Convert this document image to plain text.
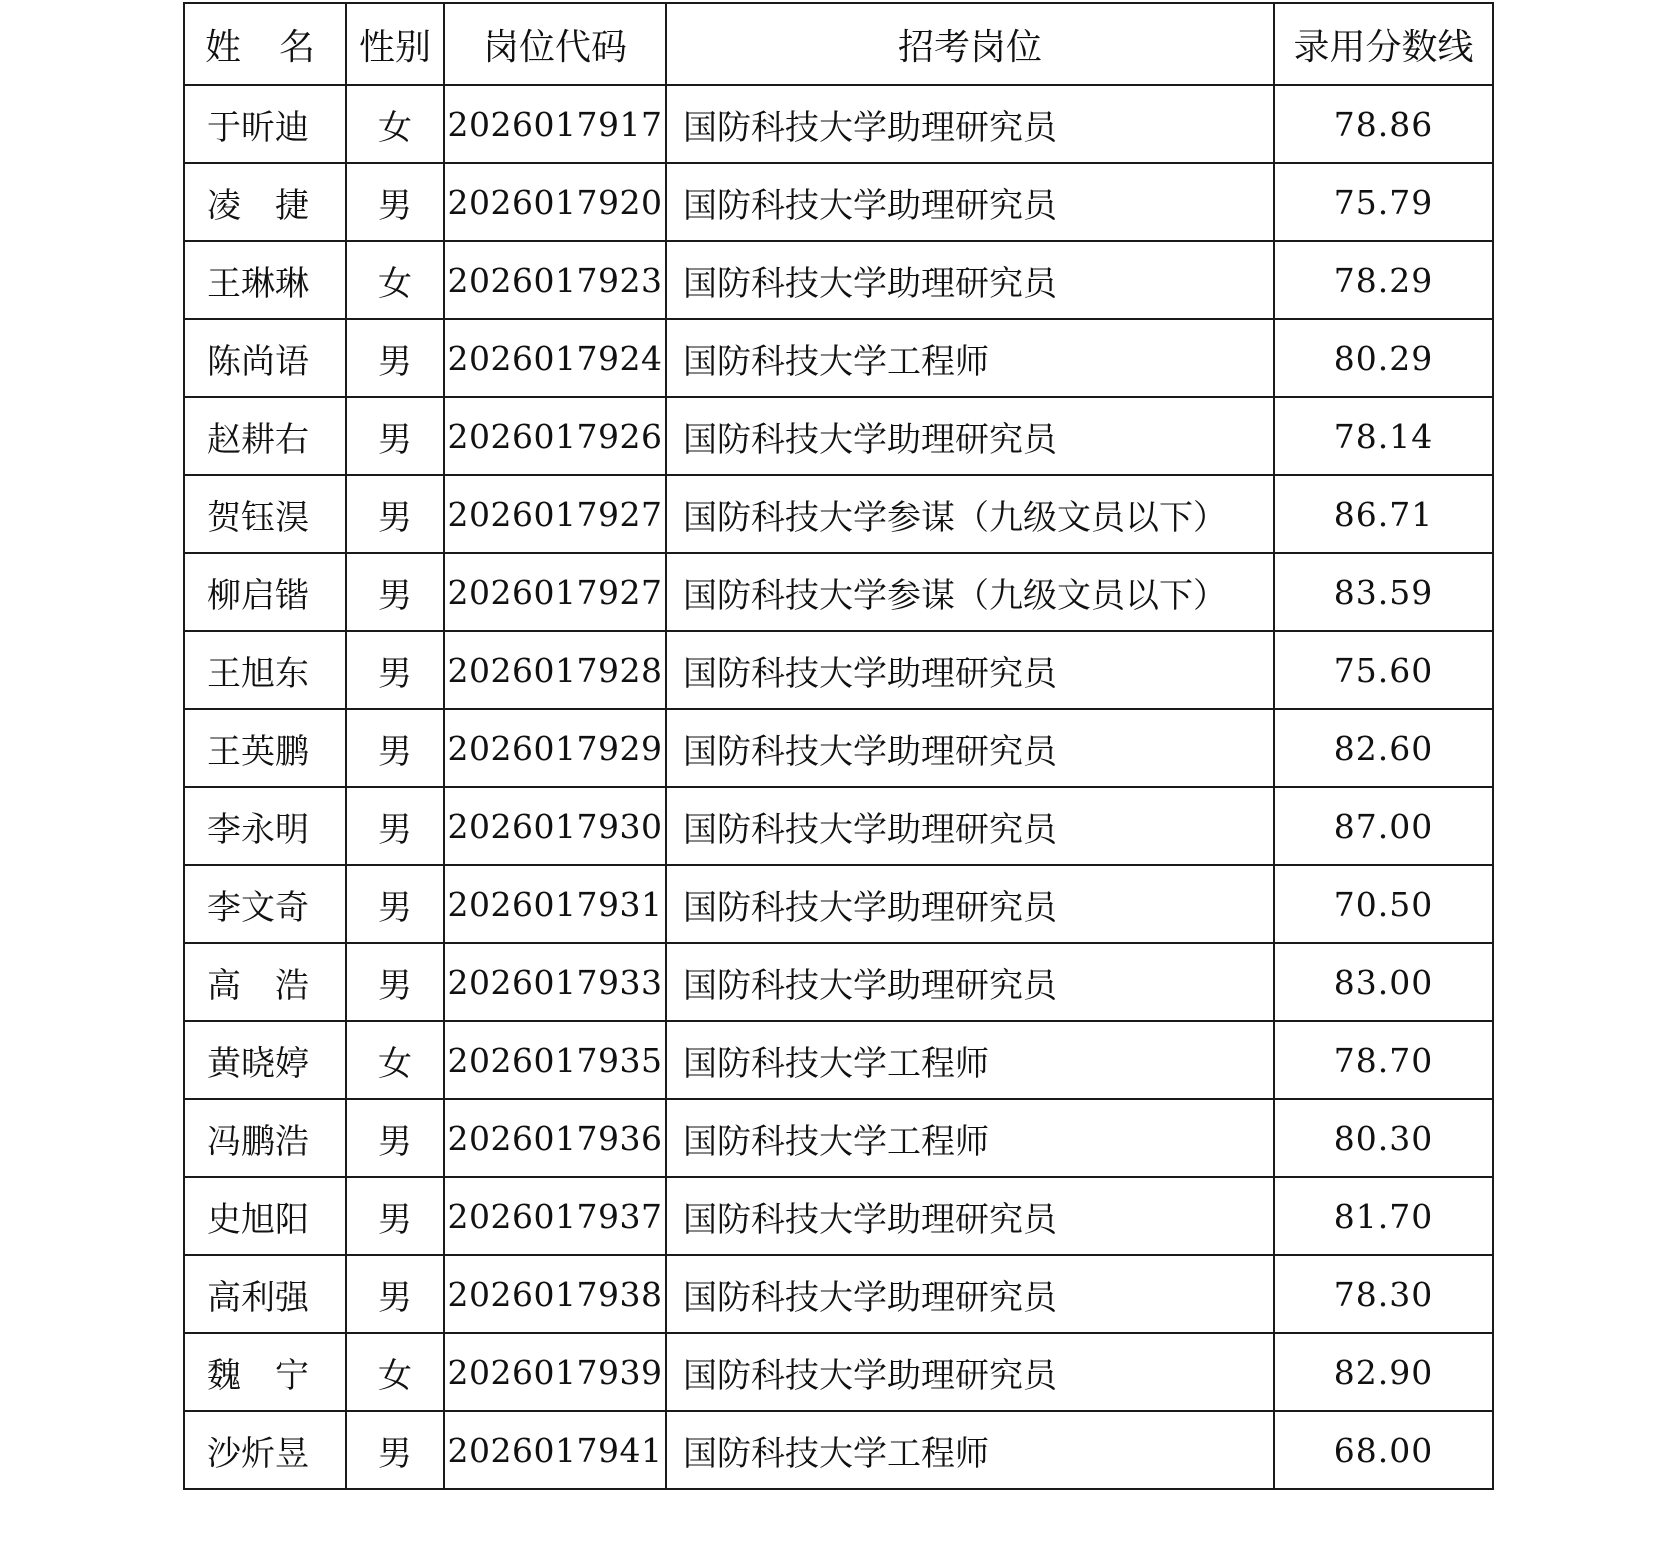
姓 名	性别	岗位代码	招考岗位	录用分数线
于昕迪	女	2026017917	国防科技大学助理研究员	78.86
凌　捷	男	2026017920	国防科技大学助理研究员	75.79
王琳琳	女	2026017923	国防科技大学助理研究员	78.29
陈尚语	男	2026017924	国防科技大学工程师	80.29
赵耕右	男	2026017926	国防科技大学助理研究员	78.14
贺钰淏	男	2026017927	国防科技大学参谋（九级文员以下）	86.71
柳启锴	男	2026017927	国防科技大学参谋（九级文员以下）	83.59
王旭东	男	2026017928	国防科技大学助理研究员	75.60
王英鹏	男	2026017929	国防科技大学助理研究员	82.60
李永明	男	2026017930	国防科技大学助理研究员	87.00
李文奇	男	2026017931	国防科技大学助理研究员	70.50
高　浩	男	2026017933	国防科技大学助理研究员	83.00
黄晓婷	女	2026017935	国防科技大学工程师	78.70
冯鹏浩	男	2026017936	国防科技大学工程师	80.30
史旭阳	男	2026017937	国防科技大学助理研究员	81.70
高利强	男	2026017938	国防科技大学助理研究员	78.30
魏　宁	女	2026017939	国防科技大学助理研究员	82.90
沙炘昱	男	2026017941	国防科技大学工程师	68.00
